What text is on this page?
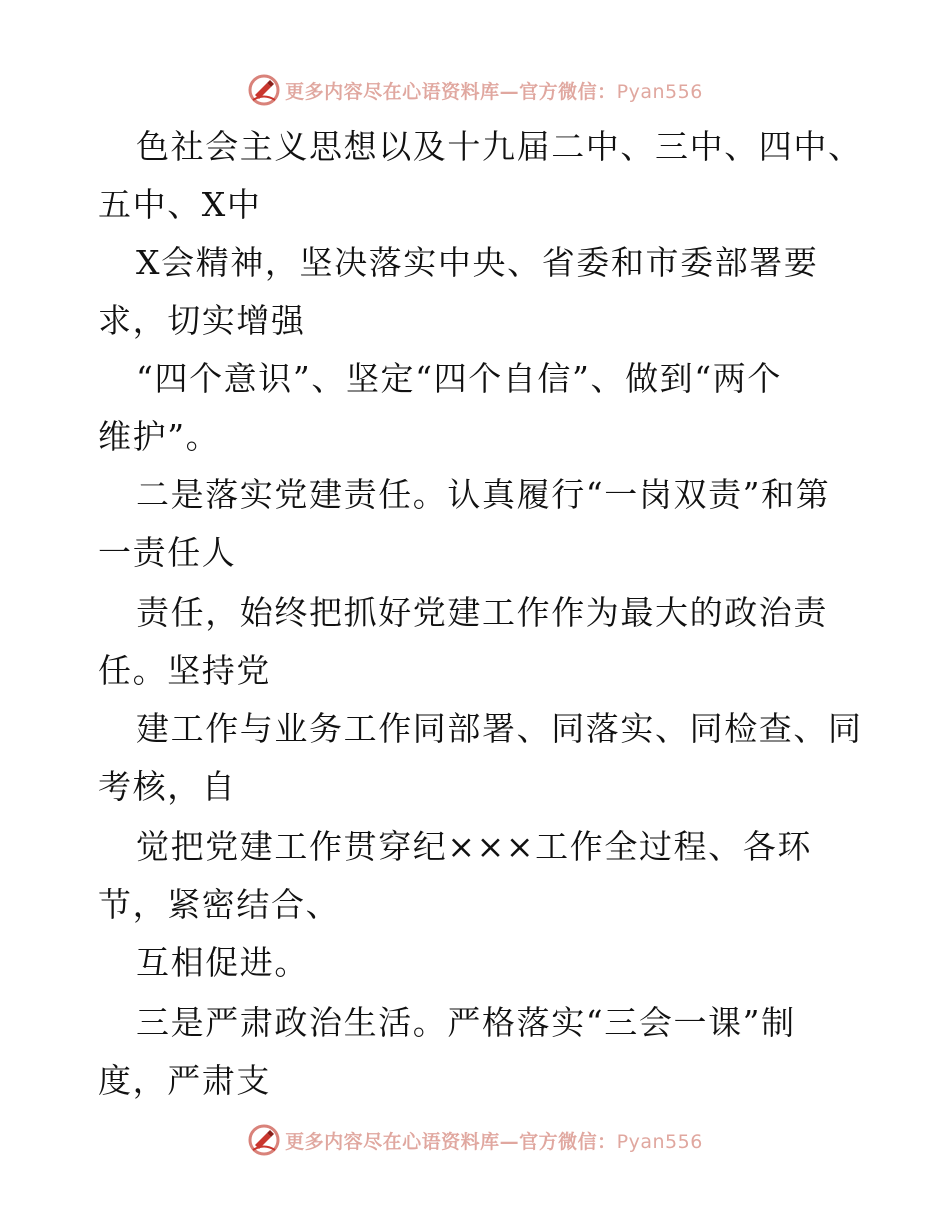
更多内容尽在心语资料库—官方微信：Pyan556
色社会主义思想以及十九届二中、三中、四中、
五中、X中
X会精神，坚决落实中央、省委和市委部署要
求，切实增强
“四个意识”、坚定“四个自信”、做到“两个
维护”。
二是落实党建责任。认真履行“一岗双责”和第
一责任人
责任，始终把抓好党建工作作为最大的政治责
任。坚持党
建工作与业务工作同部署、同落实、同检查、同
考核，自
觉把党建工作贯穿纪×××工作全过程、各环
节，紧密结合、
互相促进。
三是严肃政治生活。严格落实“三会一课”制
度，严肃支
更多内容尽在心语资料库—官方微信：Pyan556
